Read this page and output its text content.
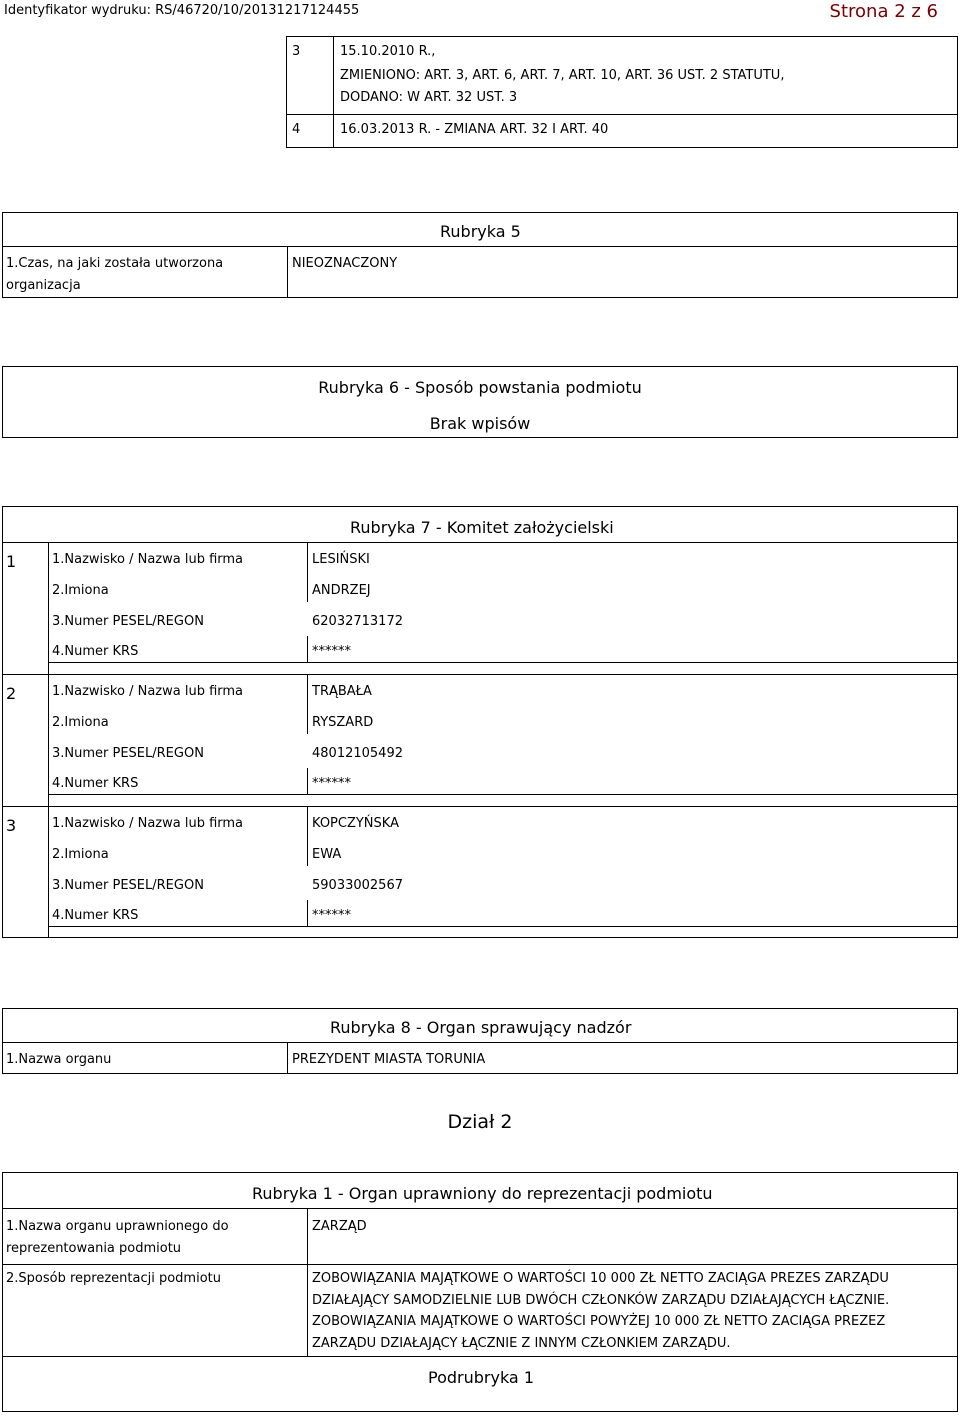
Identyfikator wydruku: RS/46720/10/20131217124455	Strona 2 z 6
3	15.10.2010 R.,
ZMIENIONO: ART. 3, ART. 6, ART. 7, ART. 10, ART. 36 UST. 2 STATUTU,
DODANO: W ART. 32 UST. 3
4	16.03.2013 R. - ZMIANA ART. 32 I ART. 40
Rubryka 5
1.Czas, na jaki została utworzona
organizacja
NIEOZNACZONY
Rubryka 6 - Sposób powstania podmiotu
Brak wpisów
Rubryka 7 - Komitet założycielski
1	1.Nazwisko / Nazwa lub firma	LESIŃSKI
2.Imiona	ANDRZEJ
3.Numer PESEL/REGON	62032713172
4.Numer KRS	******
2	1.Nazwisko / Nazwa lub firma	TRĄBAŁA
2.Imiona	RYSZARD
3.Numer PESEL/REGON	48012105492
4.Numer KRS	******
3	1.Nazwisko / Nazwa lub firma	KOPCZYŃSKA
2.Imiona	EWA
3.Numer PESEL/REGON	59033002567
4.Numer KRS	******
Rubryka 8 - Organ sprawujący nadzór
1.Nazwa organu	PREZYDENT MIASTA TORUNIA
Dział 2
Rubryka 1 - Organ uprawniony do reprezentacji podmiotu
1.Nazwa organu uprawnionego do
reprezentowania podmiotu
ZARZĄD
2.Sposób reprezentacji podmiotu	ZOBOWIĄZANIA MAJĄTKOWE O WARTOŚCI 10 000 ZŁ NETTO ZACIĄGA PREZES ZARZĄDU
DZIAŁAJĄCY SAMODZIELNIE LUB DWÓCH CZŁONKÓW ZARZĄDU DZIAŁAJĄCYCH ŁĄCZNIE.
ZOBOWIĄZANIA MAJĄTKOWE O WARTOŚCI POWYŻEJ 10 000 ZŁ NETTO ZACIĄGA PREZEZ
ZARZĄDU DZIAŁAJĄCY ŁĄCZNIE Z INNYM CZŁONKIEM ZARZĄDU.
Podrubryka 1
